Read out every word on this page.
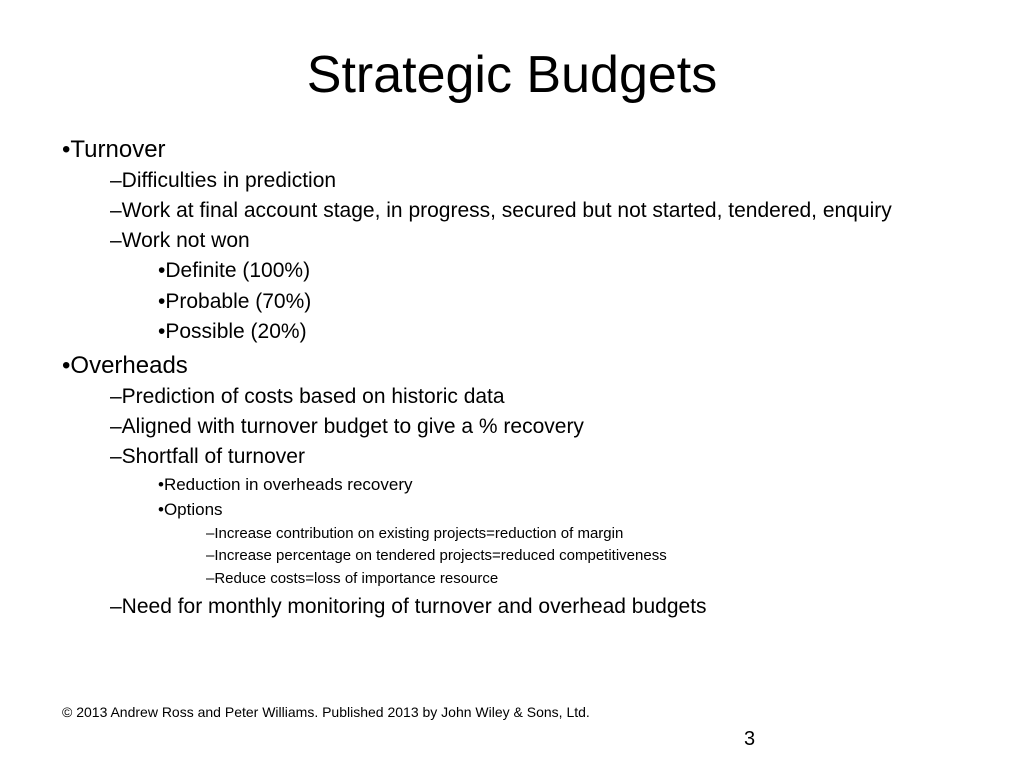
Strategic Budgets
•Turnover
–Difficulties in prediction
–Work at final account stage, in progress, secured but not started, tendered, enquiry
–Work not won
•Definite (100%)
•Probable (70%)
•Possible (20%)
•Overheads
–Prediction of costs based on historic data
–Aligned with turnover budget to give a % recovery
–Shortfall of turnover
•Reduction in overheads recovery
•Options
–Increase contribution on existing projects=reduction of margin
–Increase percentage on tendered projects=reduced competitiveness
–Reduce costs=loss of importance resource
–Need for monthly monitoring of turnover and overhead budgets
© 2013 Andrew Ross and Peter Williams. Published 2013 by John Wiley & Sons, Ltd.
3
